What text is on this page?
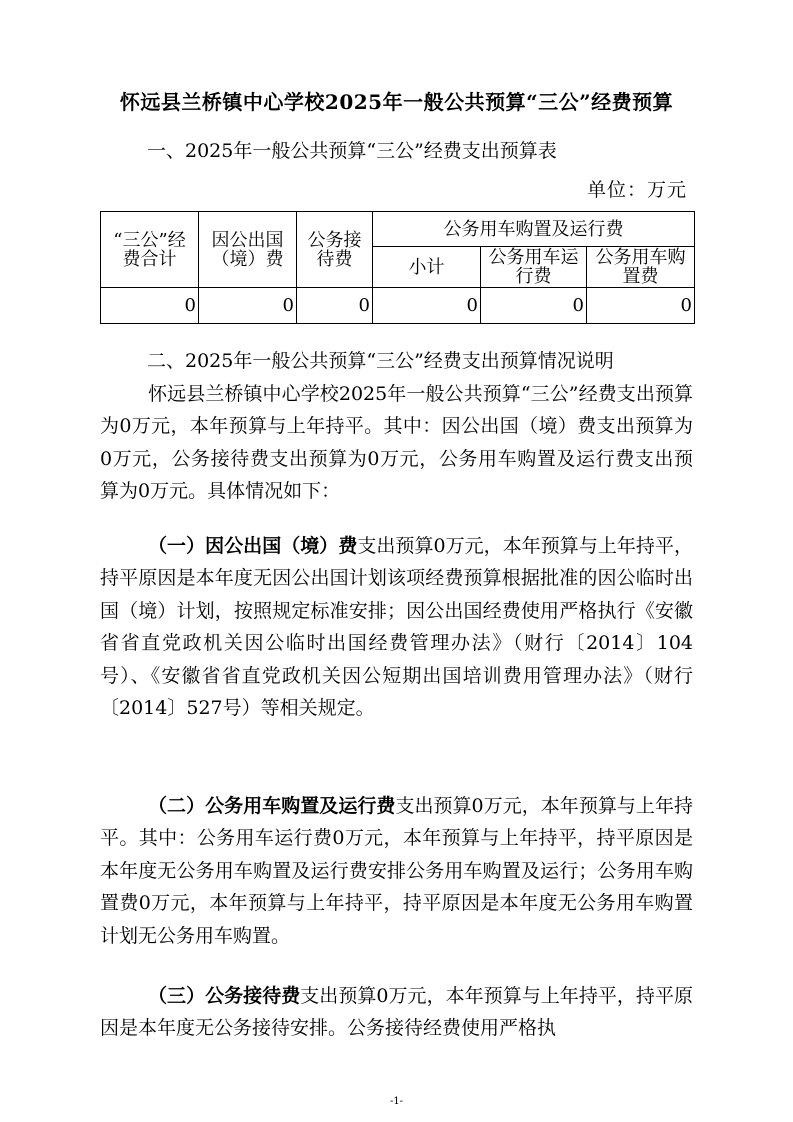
怀远县兰桥镇中心学校2025年一般公共预算“三公”经费预算
一、2025年一般公共预算“三公”经费支出预算表
单位：万元
“三公”经费合计	因公出国（境）费	公务接待费	公务用车购置及运行费		
			小计	公务用车运行费	公务用车购置费
0	0	0	0	0	0
二、2025年一般公共预算“三公”经费支出预算情况说明
怀远县兰桥镇中心学校2025年一般公共预算“三公”经费支出预算为0万元，本年预算与上年持平。其中：因公出国（境）费支出预算为0万元，公务接待费支出预算为0万元，公务用车购置及运行费支出预算为0万元。具体情况如下：
（一）因公出国（境）费支出预算0万元，本年预算与上年持平，持平原因是本年度无因公出国计划该项经费预算根据批准的因公临时出国（境）计划，按照规定标准安排；因公出国经费使用严格执行《安徽省省直党政机关因公临时出国经费管理办法》（财行〔2014〕104号）、《安徽省省直党政机关因公短期出国培训费用管理办法》（财行〔2014〕527号）等相关规定。
（二）公务用车购置及运行费支出预算0万元，本年预算与上年持平。其中：公务用车运行费0万元，本年预算与上年持平，持平原因是本年度无公务用车购置及运行费安排公务用车购置及运行；公务用车购置费0万元，本年预算与上年持平，持平原因是本年度无公务用车购置计划无公务用车购置。
（三）公务接待费支出预算0万元，本年预算与上年持平，持平原因是本年度无公务接待安排。公务接待经费使用严格执
-1-
